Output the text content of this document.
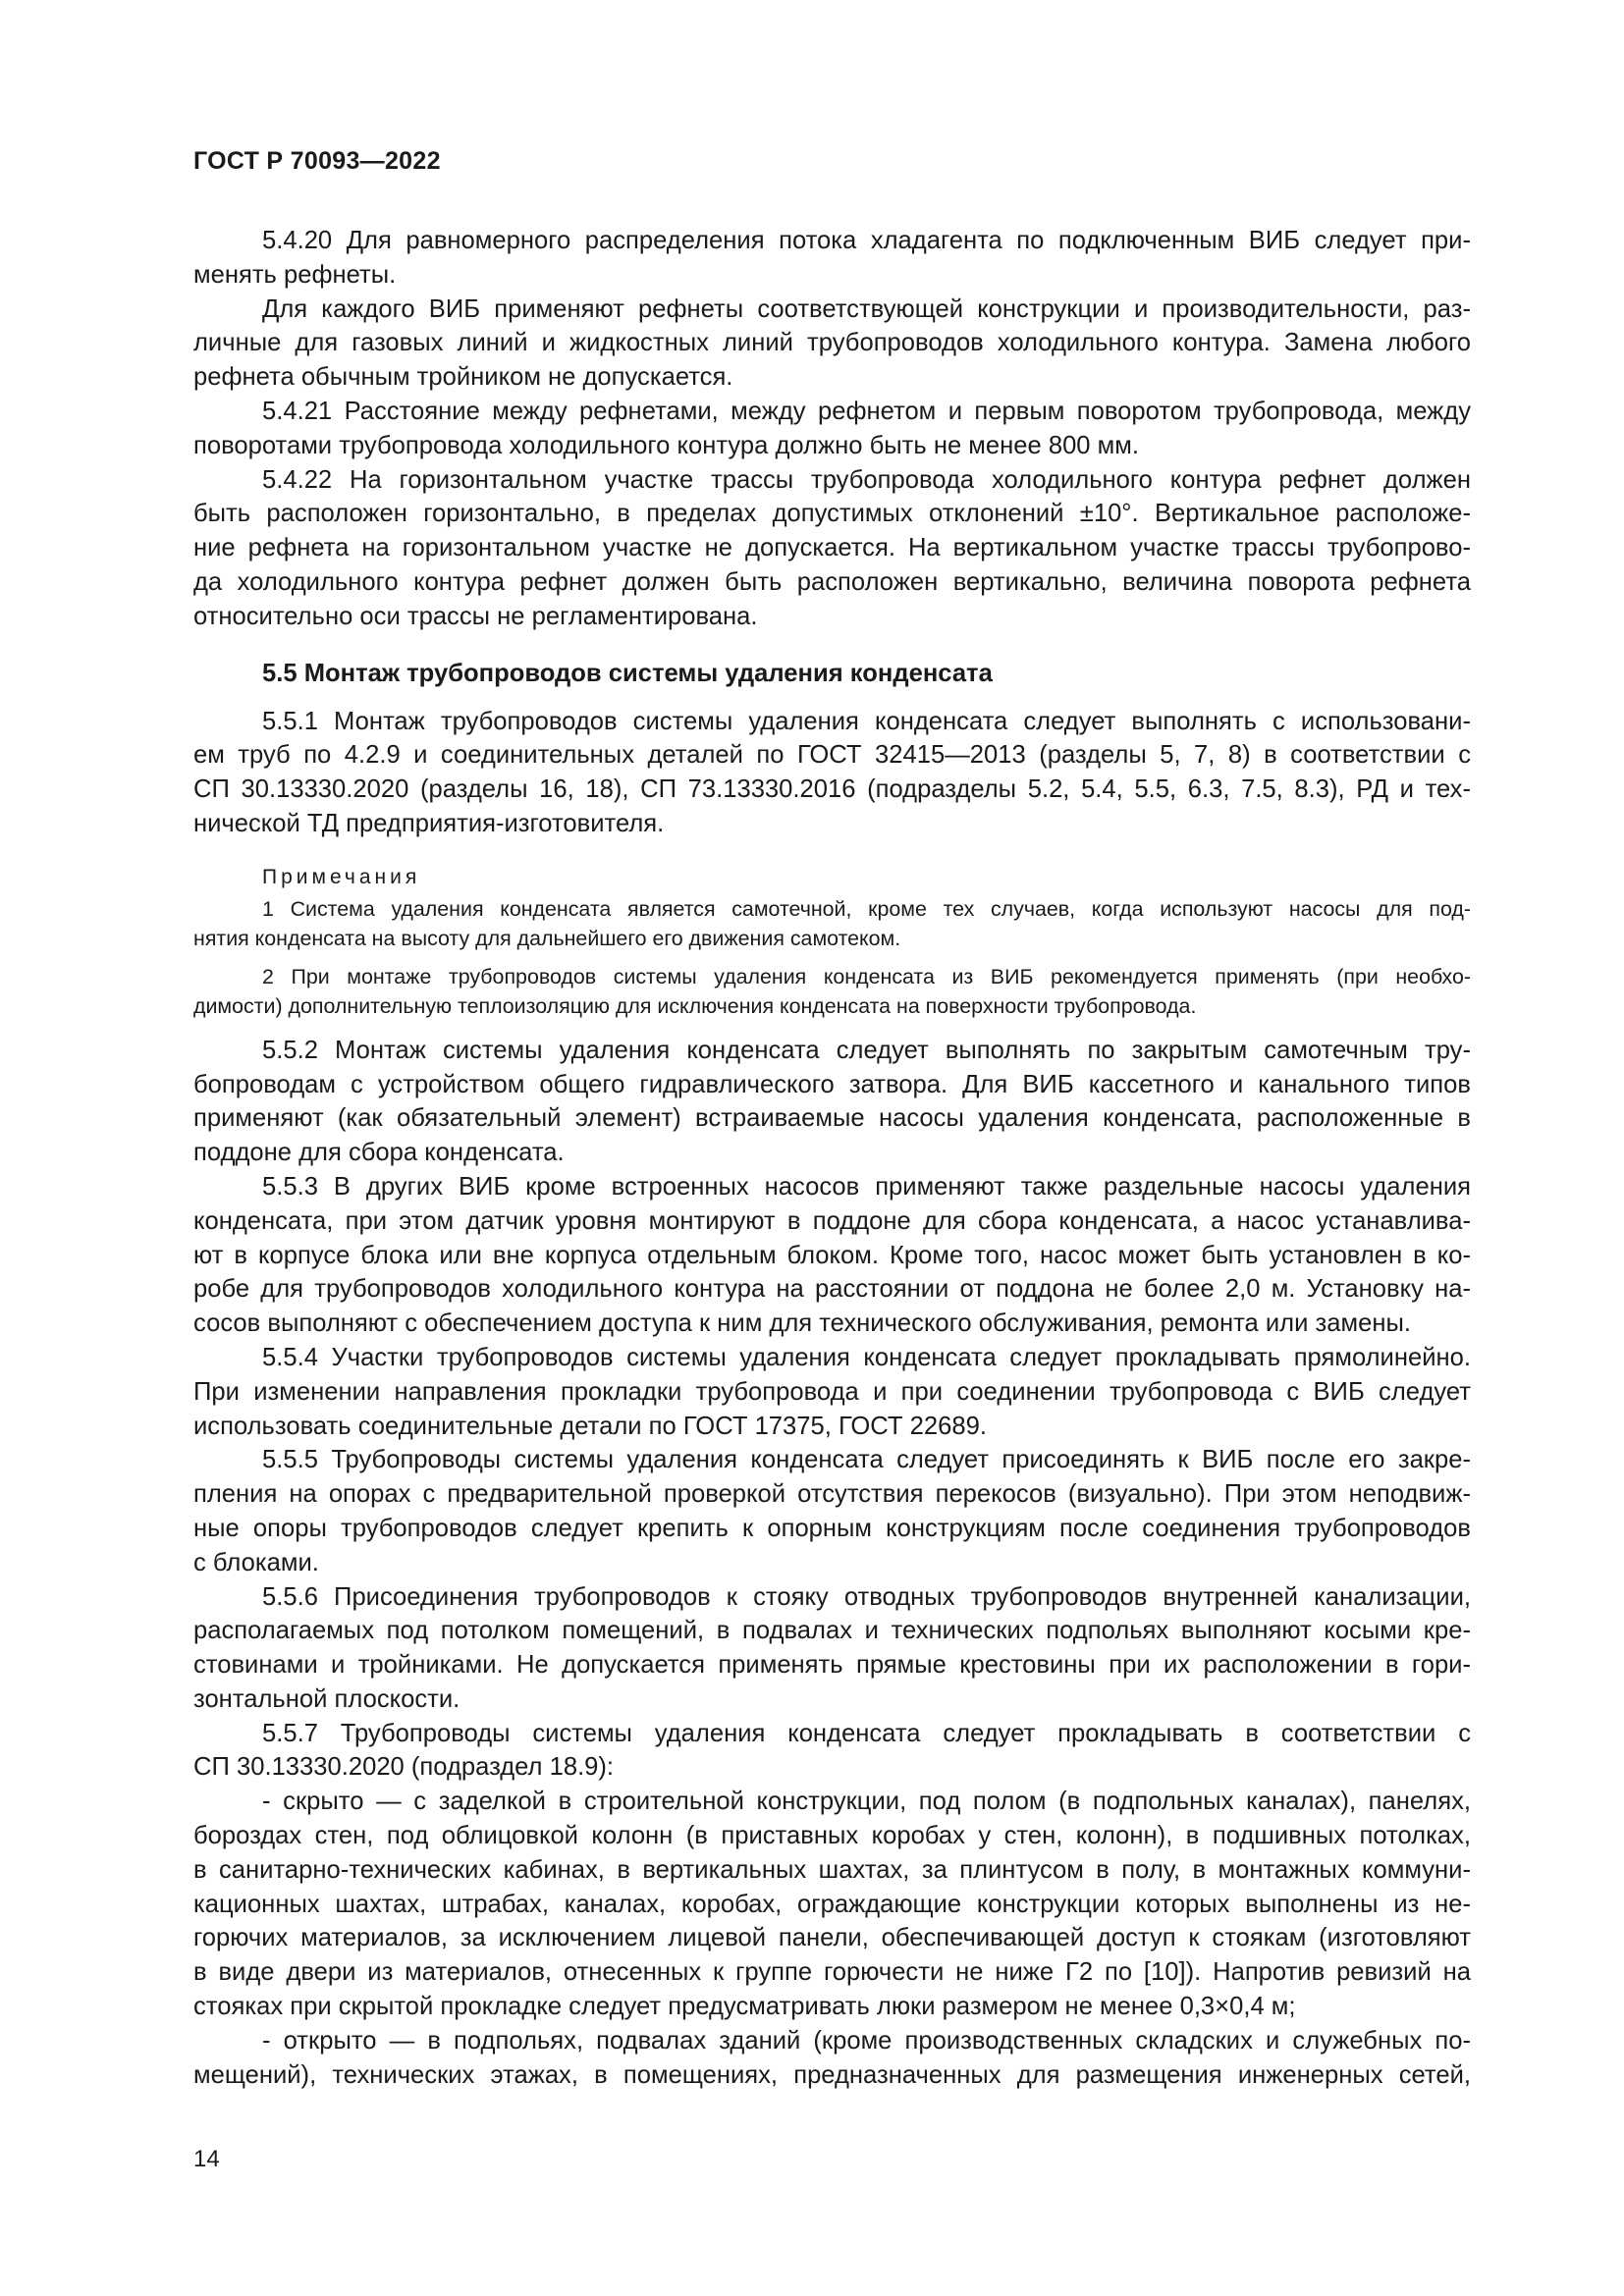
ГОСТ Р 70093—2022
5.4.20 Для равномерного распределения потока хладагента по подключенным ВИБ следует при-
менять рефнеты.
Для каждого ВИБ применяют рефнеты соответствующей конструкции и производительности, раз-
личные для газовых линий и жидкостных линий трубопроводов холодильного контура. Замена любого
рефнета обычным тройником не допускается.
5.4.21 Расстояние между рефнетами, между рефнетом и первым поворотом трубопровода, между
поворотами трубопровода холодильного контура должно быть не менее 800 мм.
5.4.22 На горизонтальном участке трассы трубопровода холодильного контура рефнет должен
быть расположен горизонтально, в пределах допустимых отклонений ±10°. Вертикальное расположе-
ние рефнета на горизонтальном участке не допускается. На вертикальном участке трассы трубопрово-
да холодильного контура рефнет должен быть расположен вертикально, величина поворота рефнета
относительно оси трассы не регламентирована.
5.5 Монтаж трубопроводов системы удаления конденсата
5.5.1 Монтаж трубопроводов системы удаления конденсата следует выполнять с использовани-
ем труб по 4.2.9 и соединительных деталей по ГОСТ 32415—2013 (разделы 5, 7, 8) в соответствии с
СП 30.13330.2020 (разделы 16, 18), СП 73.13330.2016 (подразделы 5.2, 5.4, 5.5, 6.3, 7.5, 8.3), РД и тех-
нической ТД предприятия-изготовителя.
Примечания
1 Система удаления конденсата является самотечной, кроме тех случаев, когда используют насосы для под-
нятия конденсата на высоту для дальнейшего его движения самотеком.
2 При монтаже трубопроводов системы удаления конденсата из ВИБ рекомендуется применять (при необхо-
димости) дополнительную теплоизоляцию для исключения конденсата на поверхности трубопровода.
5.5.2 Монтаж системы удаления конденсата следует выполнять по закрытым самотечным тру-
бопроводам с устройством общего гидравлического затвора. Для ВИБ кассетного и канального типов
применяют (как обязательный элемент) встраиваемые насосы удаления конденсата, расположенные в
поддоне для сбора конденсата.
5.5.3 В других ВИБ кроме встроенных насосов применяют также раздельные насосы удаления
конденсата, при этом датчик уровня монтируют в поддоне для сбора конденсата, а насос устанавлива-
ют в корпусе блока или вне корпуса отдельным блоком. Кроме того, насос может быть установлен в ко-
робе для трубопроводов холодильного контура на расстоянии от поддона не более 2,0 м. Установку на-
сосов выполняют с обеспечением доступа к ним для технического обслуживания, ремонта или замены.
5.5.4 Участки трубопроводов системы удаления конденсата следует прокладывать прямолинейно.
При изменении направления прокладки трубопровода и при соединении трубопровода с ВИБ следует
использовать соединительные детали по ГОСТ 17375, ГОСТ 22689.
5.5.5 Трубопроводы системы удаления конденсата следует присоединять к ВИБ после его закре-
пления на опорах с предварительной проверкой отсутствия перекосов (визуально). При этом неподвиж-
ные опоры трубопроводов следует крепить к опорным конструкциям после соединения трубопроводов
с блоками.
5.5.6 Присоединения трубопроводов к стояку отводных трубопроводов внутренней канализации,
располагаемых под потолком помещений, в подвалах и технических подпольях выполняют косыми кре-
стовинами и тройниками. Не допускается применять прямые крестовины при их расположении в гори-
зонтальной плоскости.
5.5.7 Трубопроводы системы удаления конденсата следует прокладывать в соответствии с
СП 30.13330.2020 (подраздел 18.9):
- скрыто — с заделкой в строительной конструкции, под полом (в подпольных каналах), панелях,
бороздах стен, под облицовкой колонн (в приставных коробах у стен, колонн), в подшивных потолках,
в санитарно-технических кабинах, в вертикальных шахтах, за плинтусом в полу, в монтажных коммуни-
кационных шахтах, штрабах, каналах, коробах, ограждающие конструкции которых выполнены из не-
горючих материалов, за исключением лицевой панели, обеспечивающей доступ к стоякам (изготовляют
в виде двери из материалов, отнесенных к группе горючести не ниже Г2 по [10]). Напротив ревизий на
стояках при скрытой прокладке следует предусматривать люки размером не менее 0,3×0,4 м;
- открыто — в подпольях, подвалах зданий (кроме производственных складских и служебных по-
мещений), технических этажах, в помещениях, предназначенных для размещения инженерных сетей,
14
